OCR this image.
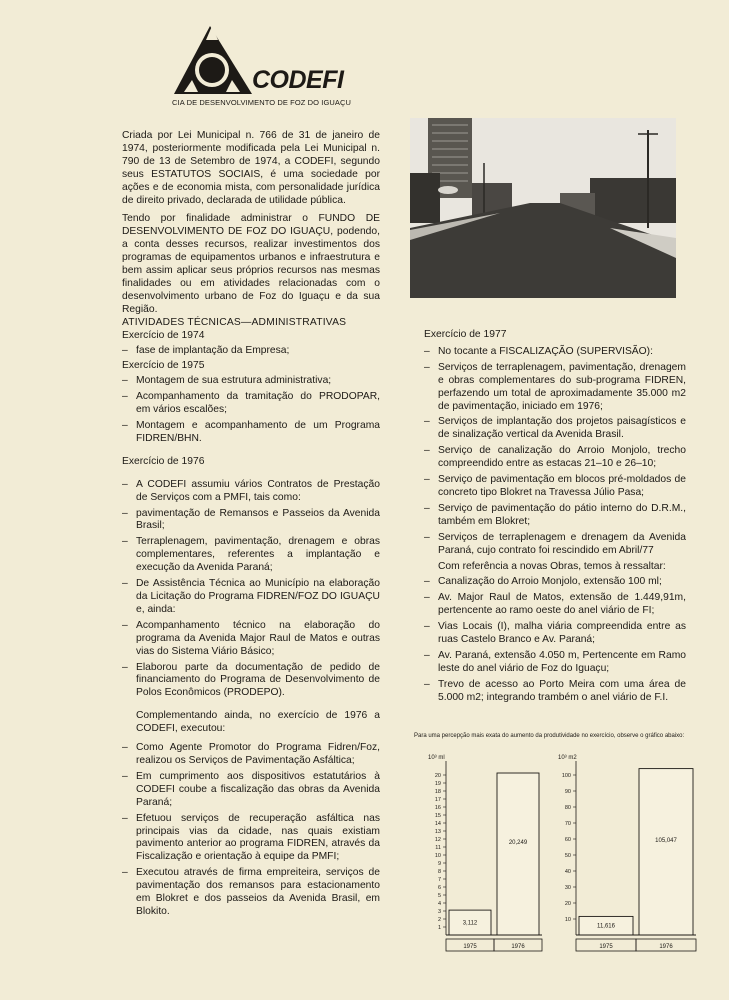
CODEFI
CIA DE DESENVOLVIMENTO DE FOZ DO IGUAÇU

Criada por Lei Municipal n. 766 de 31 de janeiro de 1974, posteriormente modificada pela Lei Municipal n. 790 de 13 de Setembro de 1974, a CODEFI, segundo seus ESTATUTOS SOCIAIS, é uma sociedade por ações e de economia mista, com personalidade jurídica de direito privado, declarada de utilidade pública.

Tendo por finalidade administrar o FUNDO DE DESENVOLVIMENTO DE FOZ DO IGUAÇU, podendo, a conta desses recursos, realizar investimentos dos programas de equipamentos urbanos e infraestrutura e bem assim aplicar seus próprios recursos nas mesmas finalidades ou em atividades relacionadas com o desenvolvimento urbano de Foz do Iguaçu e da sua Região.

ATIVIDADES TÉCNICAS—ADMINISTRATIVAS

Exercício de 1974

– fase de implantação da Empresa;

Exercício de 1975

– Montagem de sua estrutura administrativa;
– Acompanhamento da tramitação do PRODOPAR, em vários escalões;
– Montagem e acompanhamento de um Programa FIDREN/BHN.

Exercício de 1976

– A CODEFI assumiu vários Contratos de Prestação de Serviços com a PMFI, tais como:
– pavimentação de Remansos e Passeios da Avenida Brasil;
– Terraplenagem, pavimentação, drenagem e obras complementares, referentes a implantação e execução da Avenida Paraná;
– De Assistência Técnica ao Município na elaboração da Licitação do Programa FIDREN/FOZ DO IGUAÇU e, ainda:
– Acompanhamento técnico na elaboração do programa da Avenida Major Raul de Matos e outras vias do Sistema Viário Básico;
– Elaborou parte da documentação de pedido de financiamento do Programa de Desenvolvimento de Polos Econômicos (PRODEPO).

Complementando ainda, no exercício de 1976 a CODEFI, executou:

– Como Agente Promotor do Programa Fidren/Foz, realizou os Serviços de Pavimentação Asfáltica;
– Em cumprimento aos dispositivos estatutários à CODEFI coube a fiscalização das obras da Avenida Paraná;
– Efetuou serviços de recuperação asfáltica nas principais vias da cidade, nas quais existiam pavimento anterior ao programa FIDREN, através da Fiscalização e orientação à equipe da PMFI;
– Executou através de firma empreiteira, serviços de pavimentação dos remansos para estacionamento em Blokret e dos passeios da Avenida Brasil, em Blokito.

Exercício de 1977

– No tocante a FISCALIZAÇÃO (SUPERVISÃO):
– Serviços de terraplenagem, pavimentação, drenagem e obras complementares do sub-programa FIDREN, perfazendo um total de aproximadamente 35.000 m2 de pavimentação, iniciado em 1976;
– Serviços de implantação dos projetos paisagísticos e de sinalização vertical da Avenida Brasil.
– Serviço de canalização do Arroio Monjolo, trecho compreendido entre as estacas 21–10 e 26–10;
– Serviço de pavimentação em blocos pré-moldados de concreto tipo Blokret na Travessa Júlio Pasa;
– Serviço de pavimentação do pátio interno do D.R.M., também em Blokret;
– Serviços de terraplenagem e drenagem da Avenida Paraná, cujo contrato foi rescindido em Abril/77
Com referência a novas Obras, temos à ressaltar:
– Canalização do Arroio Monjolo, extensão 100 ml;
– Av. Major Raul de Matos, extensão de 1.449,91m, pertencente ao ramo oeste do anel viário de FI;
– Vias Locais (I), malha viária compreendida entre as ruas Castelo Branco e Av. Paraná;
– Av. Paraná, extensão 4.050 m, Pertencente em Ramo leste do anel viário de Foz do Iguaçu;
– Trevo de acesso ao Porto Meira com uma área de 5.000 m2; integrando trambém o anel viário de F.I.
Para uma percepção mais exata do aumento da produtividade no exercício, observe o gráfico abaixo:
10³ ml
1
2
3
4
5
6
7
8
9
10
11
12
13
14
15
16
17
18
19
20
3,112
1975
20,249
1976
10³ m2
10
20
30
40
50
60
70
80
90
100
11,616
1975
105,047
1976
